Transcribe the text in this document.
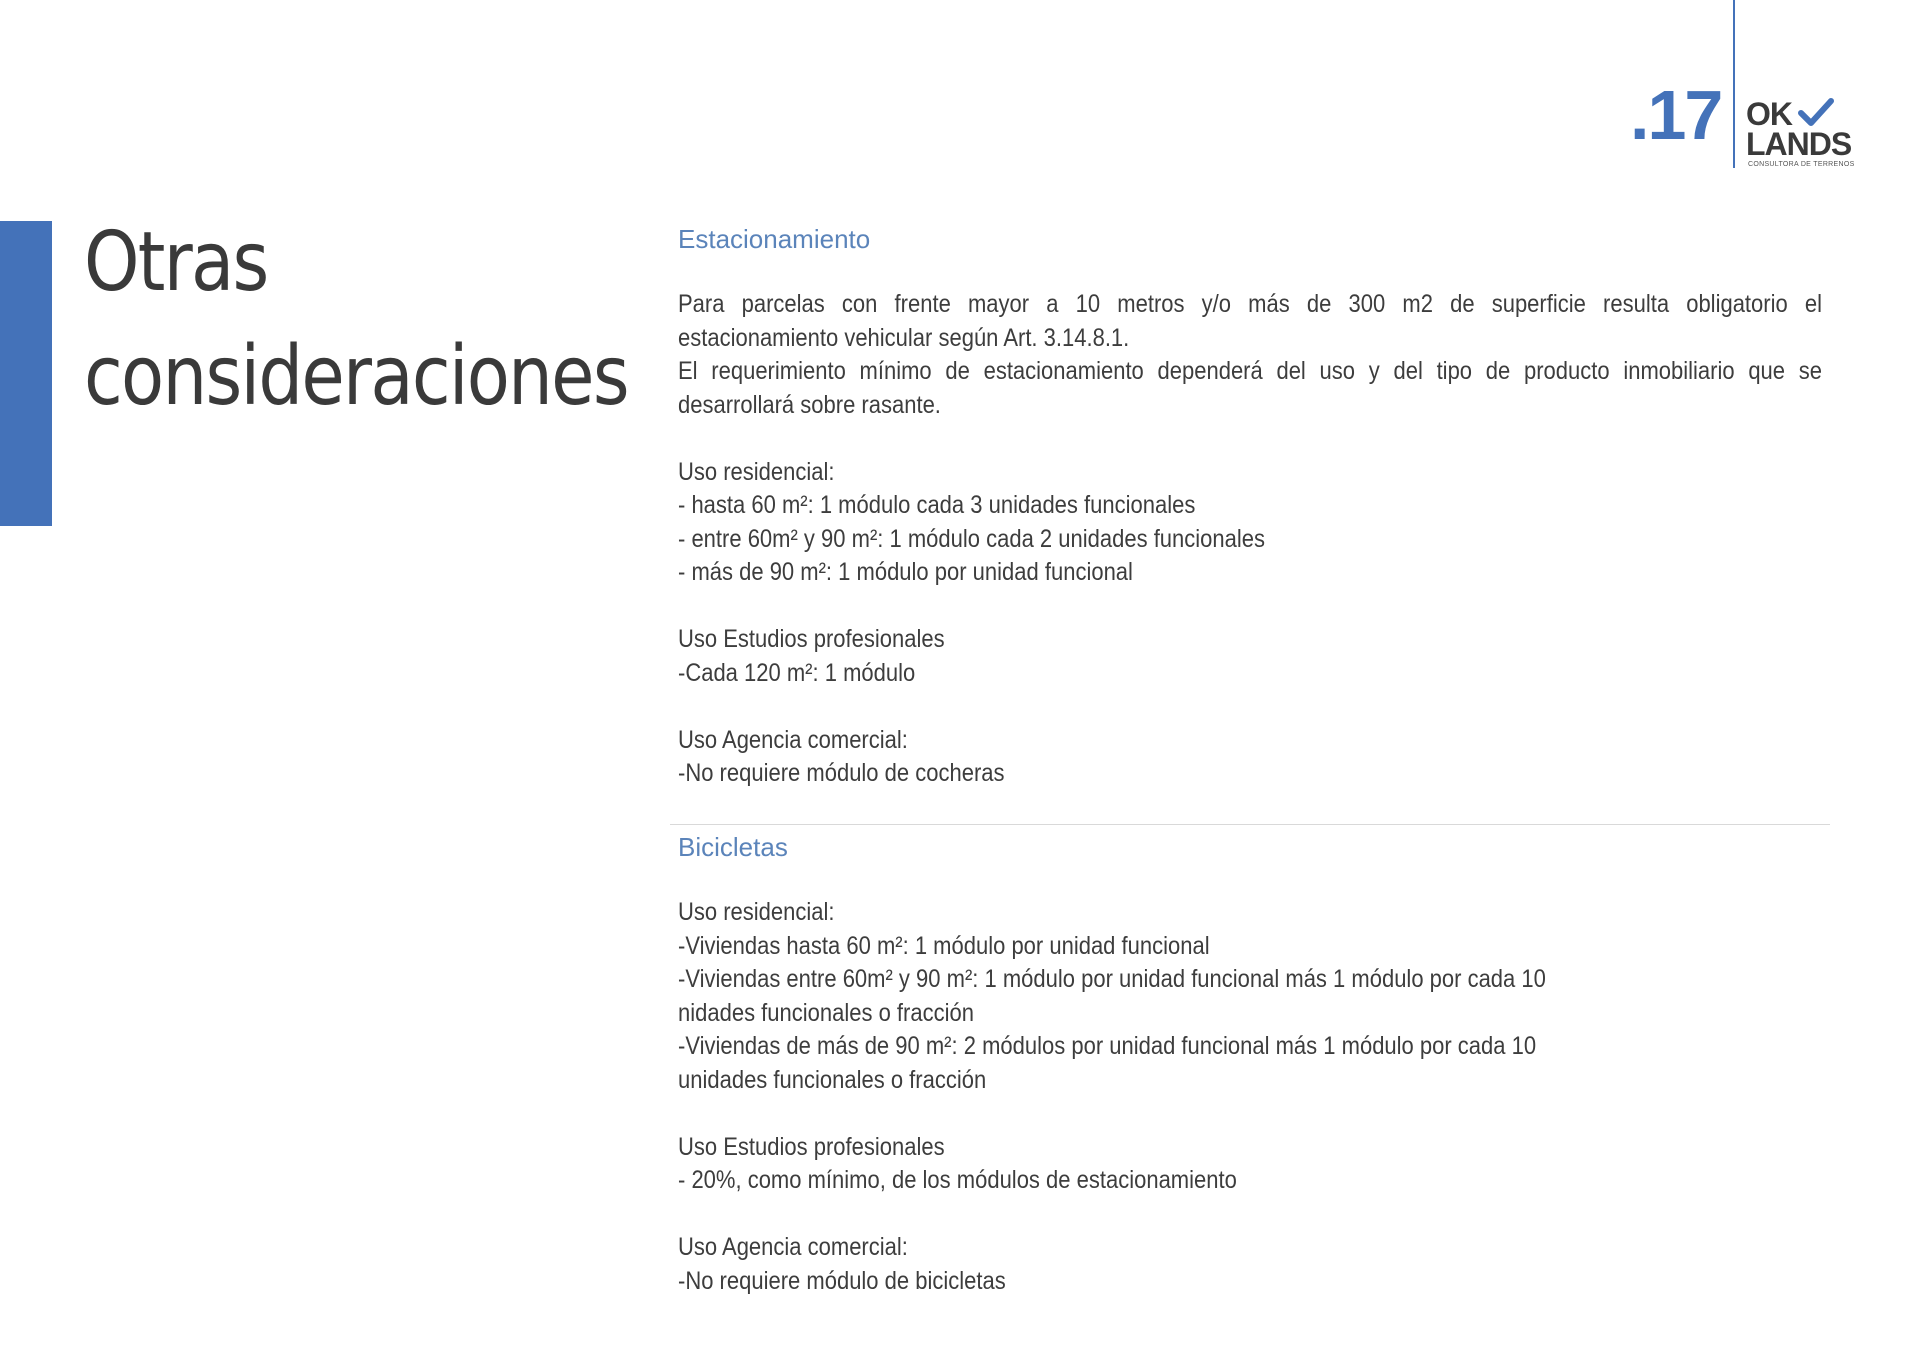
.17 OK
LANDS
CONSULTORA DE TERRENOS
Otras
consideraciones
Estacionamiento
Para parcelas con frente mayor a 10 metros y/o más de 300 m2 de superficie resulta obligatorio el
estacionamiento vehicular según Art. 3.14.8.1.
El requerimiento mínimo de estacionamiento dependerá del uso y del tipo de producto inmobiliario que se
desarrollará sobre rasante.
Uso residencial:
- hasta 60 m²: 1 módulo cada 3 unidades funcionales
- entre 60m² y 90 m²: 1 módulo cada 2 unidades funcionales
- más de 90 m²: 1 módulo por unidad funcional
Uso Estudios profesionales
-Cada 120 m²: 1 módulo
Uso Agencia comercial:
-No requiere módulo de cocheras
Bicicletas
Uso residencial:
-Viviendas hasta 60 m²: 1 módulo por unidad funcional
-Viviendas entre 60m² y 90 m²: 1 módulo por unidad funcional más 1 módulo por cada 10
nidades funcionales o fracción
-Viviendas de más de 90 m²: 2 módulos por unidad funcional más 1 módulo por cada 10
unidades funcionales o fracción
Uso Estudios profesionales
- 20%, como mínimo, de los módulos de estacionamiento
Uso Agencia comercial:
-No requiere módulo de bicicletas
